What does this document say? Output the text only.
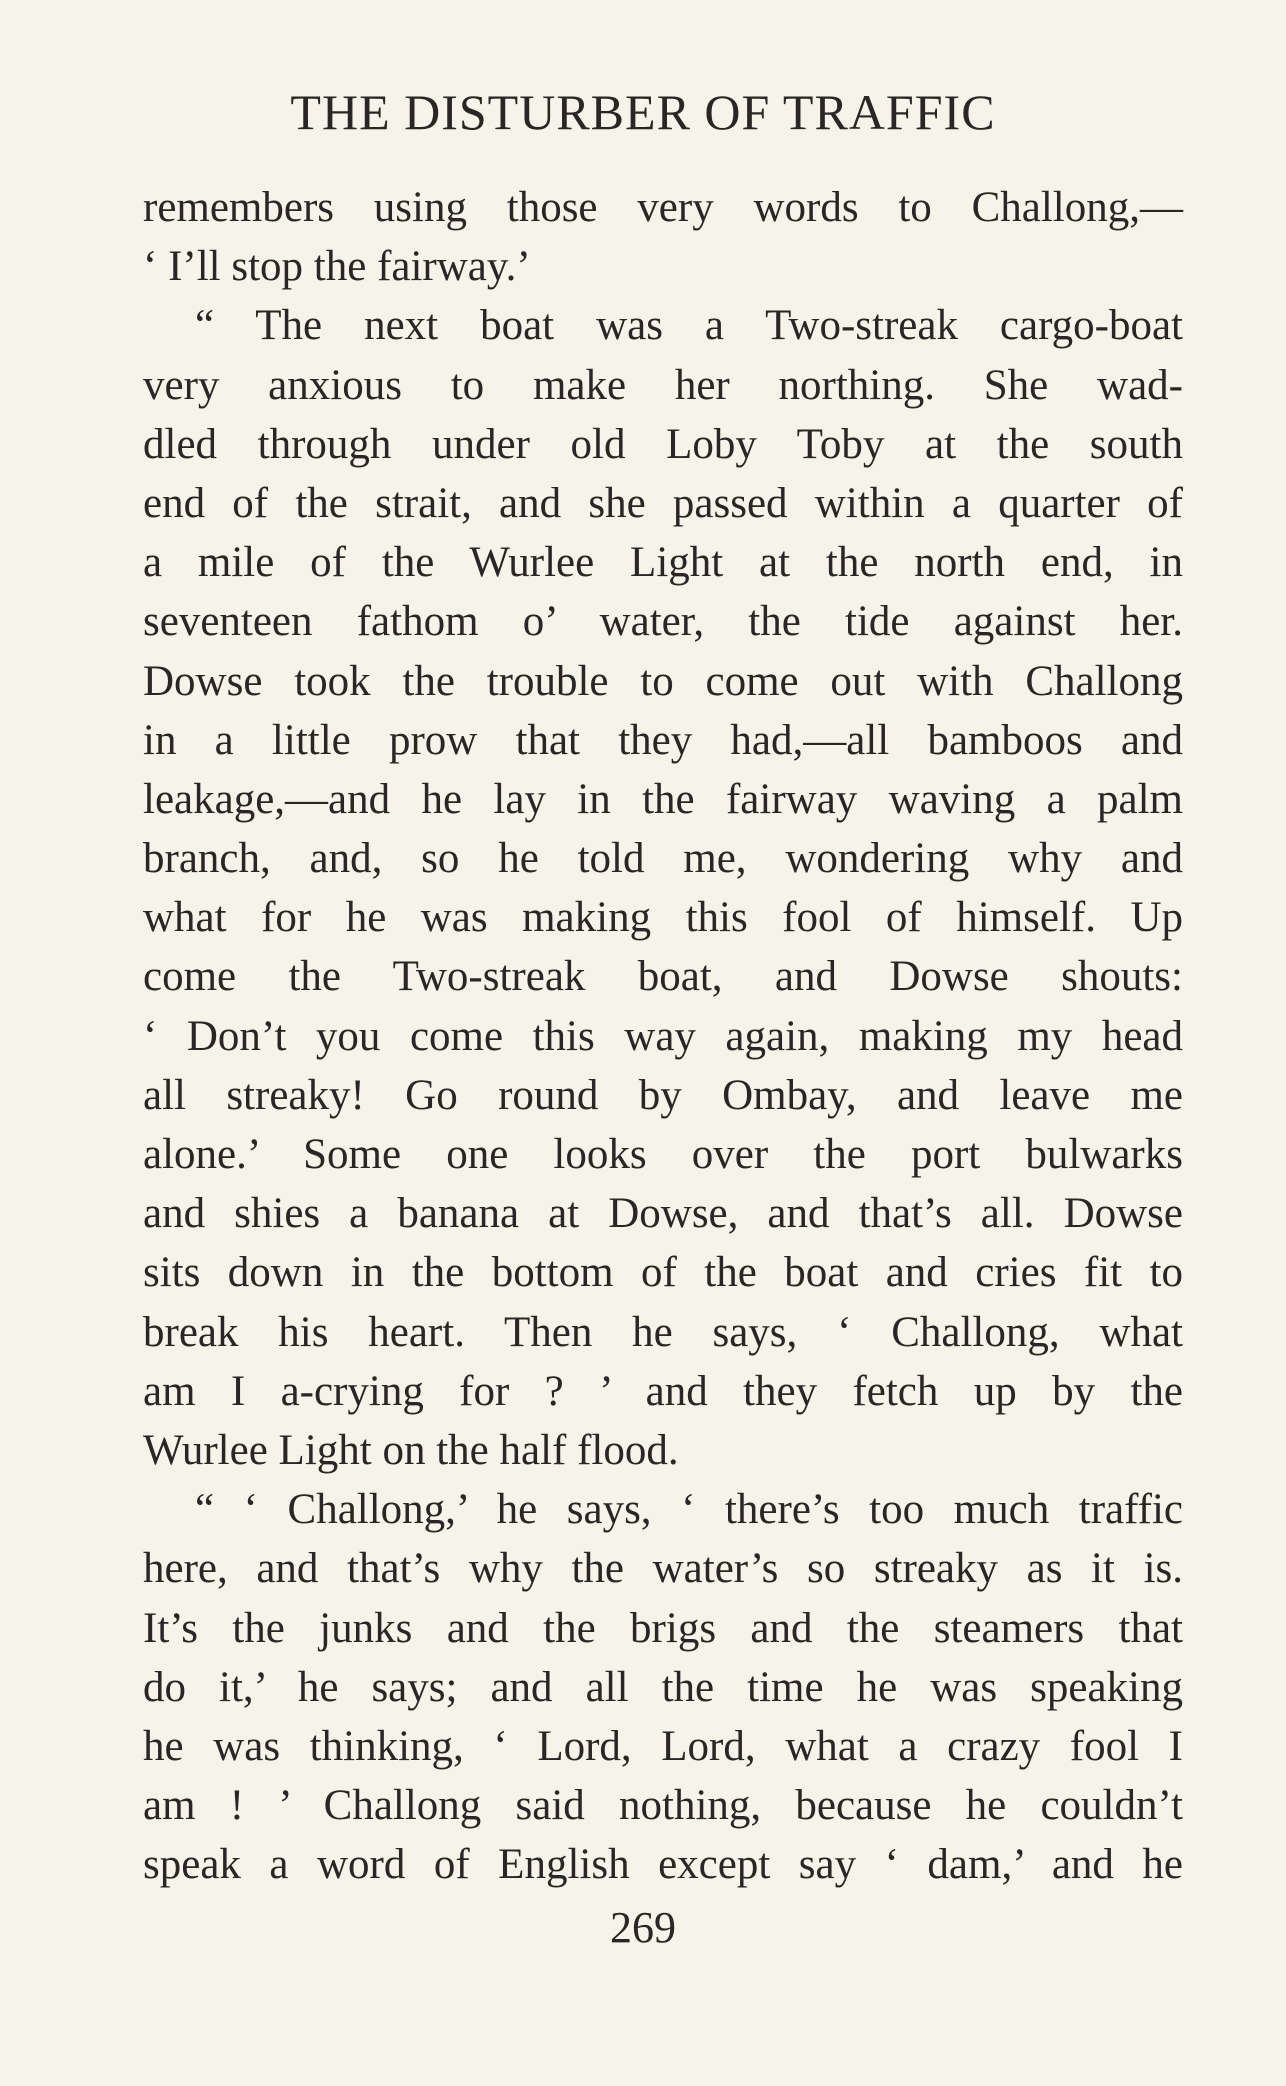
THE DISTURBER OF TRAFFIC
remembers using those very words to Challong,—
‘ I’ll stop the fairway.’
“ The next boat was a Two-streak cargo-boat
very anxious to make her northing. She wad-
dled through under old Loby Toby at the south
end of the strait, and she passed within a quarter of
a mile of the Wurlee Light at the north end, in
seventeen fathom o’ water, the tide against her.
Dowse took the trouble to come out with Challong
in a little prow that they had,—all bamboos and
leakage,—and he lay in the fairway waving a palm
branch, and, so he told me, wondering why and
what for he was making this fool of himself. Up
come the Two-streak boat, and Dowse shouts:
‘ Don’t you come this way again, making my head
all streaky! Go round by Ombay, and leave me
alone.’ Some one looks over the port bulwarks
and shies a banana at Dowse, and that’s all. Dowse
sits down in the bottom of the boat and cries fit to
break his heart. Then he says, ‘ Challong, what
am I a-crying for ? ’ and they fetch up by the
Wurlee Light on the half flood.
“ ‘ Challong,’ he says, ‘ there’s too much traffic
here, and that’s why the water’s so streaky as it is.
It’s the junks and the brigs and the steamers that
do it,’ he says; and all the time he was speaking
he was thinking, ‘ Lord, Lord, what a crazy fool I
am ! ’ Challong said nothing, because he couldn’t
speak a word of English except say ‘ dam,’ and he
269
